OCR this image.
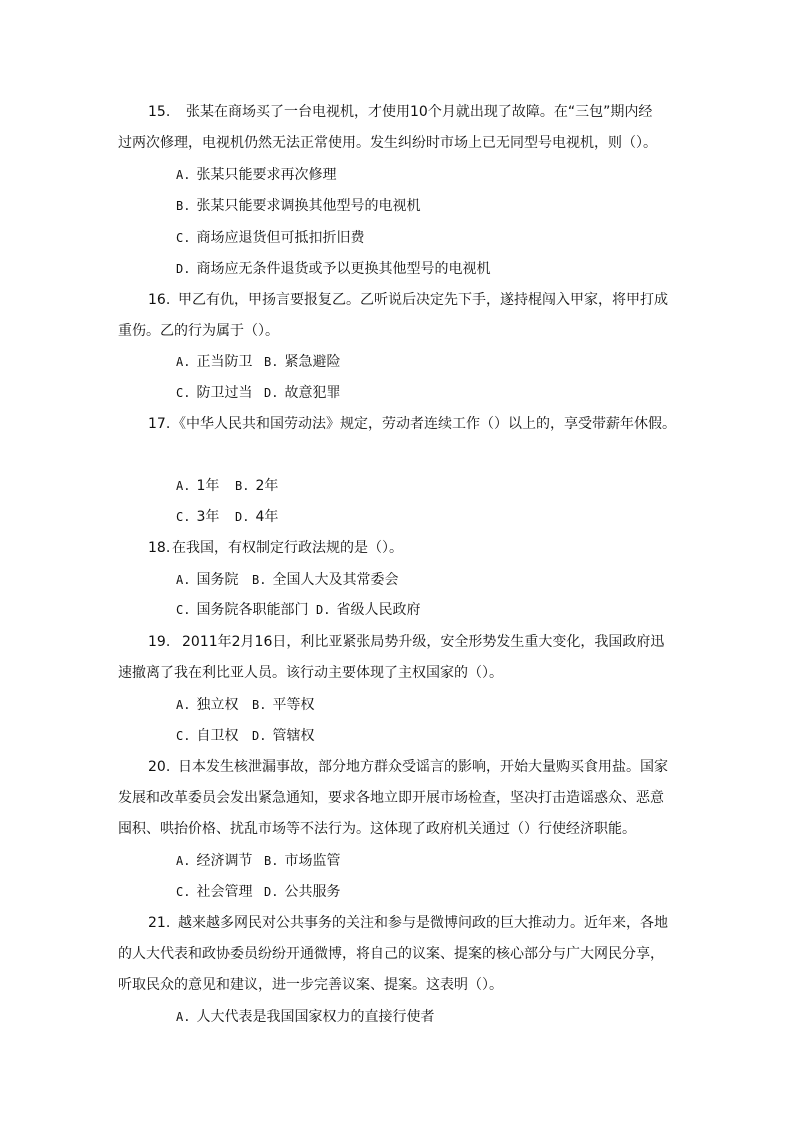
15. 张某在商场买了一台电视机，才使用10个月就出现了故障。在“三包”期内经
过两次修理，电视机仍然无法正常使用。发生纠纷时市场上已无同型号电视机，则（）。
A. 张某只能要求再次修理
B. 张某只能要求调换其他型号的电视机
C. 商场应退货但可抵扣折旧费
D. 商场应无条件退货或予以更换其他型号的电视机
16. 甲乙有仇，甲扬言要报复乙。乙听说后决定先下手，遂持棍闯入甲家，将甲打成
重伤。乙的行为属于（）。
A. 正当防卫 B. 紧急避险
C. 防卫过当 D. 故意犯罪
17. 《中华人民共和国劳动法》规定，劳动者连续工作（）以上的，享受带薪年休假。
A. 1年 B. 2年
C. 3年 D. 4年
18. 在我国，有权制定行政法规的是（）。
A. 国务院 B. 全国人大及其常委会
C. 国务院各职能部门 D. 省级人民政府
19. 2011年2月16日，利比亚紧张局势升级，安全形势发生重大变化，我国政府迅
速撤离了我在利比亚人员。该行动主要体现了主权国家的（）。
A. 独立权 B. 平等权
C. 自卫权 D. 管辖权
20. 日本发生核泄漏事故，部分地方群众受谣言的影响，开始大量购买食用盐。国家
发展和改革委员会发出紧急通知，要求各地立即开展市场检查，坚决打击造谣惑众、恶意
囤积、哄抬价格、扰乱市场等不法行为。这体现了政府机关通过（）行使经济职能。
A. 经济调节 B. 市场监管
C. 社会管理 D. 公共服务
21. 越来越多网民对公共事务的关注和参与是微博问政的巨大推动力。近年来，各地
的人大代表和政协委员纷纷开通微博，将自己的议案、提案的核心部分与广大网民分享，
听取民众的意见和建议，进一步完善议案、提案。这表明（）。
A. 人大代表是我国国家权力的直接行使者
